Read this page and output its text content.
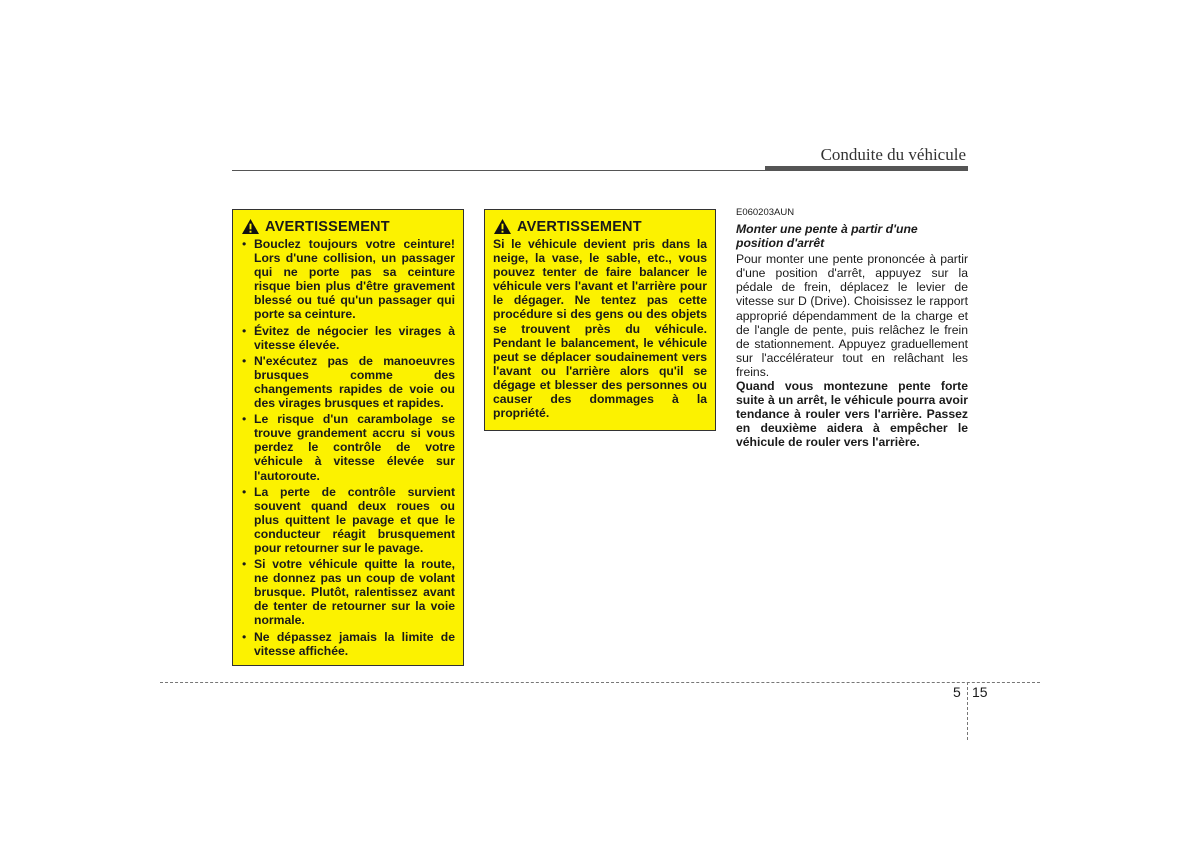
Conduite du véhicule
AVERTISSEMENT
• Bouclez toujours votre ceinture! Lors d'une collision, un passager qui ne porte pas sa ceinture risque bien plus d'être gravement blessé ou tué qu'un passager qui porte sa ceinture.
• Évitez de négocier les virages à vitesse élevée.
• N'exécutez pas de manoeuvres brusques comme des changements rapides de voie ou des virages brusques et rapides.
• Le risque d'un carambolage se trouve grandement accru si vous perdez le contrôle de votre véhicule à vitesse élevée sur l'autoroute.
• La perte de contrôle survient souvent quand deux roues ou plus quittent le pavage et que le conducteur réagit brusquement pour retourner sur le pavage.
• Si votre véhicule quitte la route, ne donnez pas un coup de volant brusque. Plutôt, ralentissez avant de tenter de retourner sur la voie normale.
• Ne dépassez jamais la limite de vitesse affichée.
AVERTISSEMENT

Si le véhicule devient pris dans la neige, la vase, le sable, etc., vous pouvez tenter de faire balancer le véhicule vers l'avant et l'arrière pour le dégager. Ne tentez pas cette procédure si des gens ou des objets se trouvent près du véhicule. Pendant le balancement, le véhicule peut se déplacer soudainement vers l'avant ou l'arrière alors qu'il se dégage et blesser des personnes ou causer des dommages à la propriété.

E060203AUN
Monter une pente à partir d'une position d'arrêt

Pour monter une pente prononcée à partir d'une position d'arrêt, appuyez sur la pédale de frein, déplacez le levier de vitesse sur D (Drive). Choisissez le rapport approprié dépendamment de la charge et de l'angle de pente, puis relâchez le frein de stationnement. Appuyez graduellement sur l'accélérateur tout en relâchant les freins.

Quand vous montezune pente forte suite à un arrêt, le véhicule pourra avoir tendance à rouler vers l'arrière. Passez en deuxième aidera à empêcher le véhicule de rouler vers l'arrière.

5 15
